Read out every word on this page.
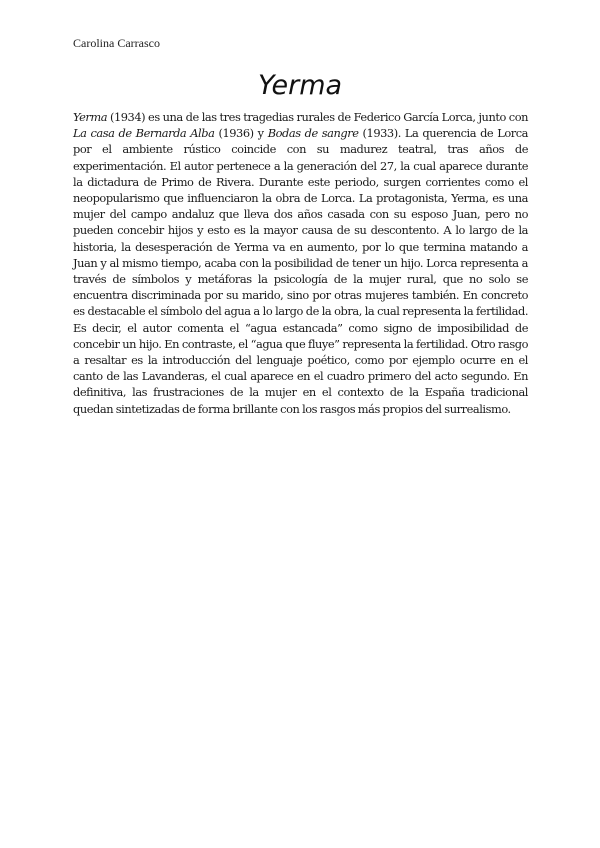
Carolina Carrasco
Yerma

Yerma (1934) es una de las tres tragedias rurales de Federico García Lorca, junto con La casa de Bernarda Alba (1936) y Bodas de sangre (1933). La querencia de Lorca por el ambiente rústico coincide con su madurez teatral, tras años de experimentación. El autor pertenece a la generación del 27, la cual aparece durante la dictadura de Primo de Rivera. Durante este periodo, surgen corrientes como el neopopularismo que influenciaron la obra de Lorca. La protagonista, Yerma, es una mujer del campo andaluz que lleva dos años casada con su esposo Juan, pero no pueden concebir hijos y esto es la mayor causa de su descontento. A lo largo de la historia, la desesperación de Yerma va en aumento, por lo que termina matando a Juan y al mismo tiempo, acaba con la posibilidad de tener un hijo. Lorca representa a través de símbolos y metáforas la psicología de la mujer rural, que no solo se encuentra discriminada por su marido, sino por otras mujeres también. En concreto es destacable el símbolo del agua a lo largo de la obra, la cual representa la fertilidad. Es decir, el autor comenta el “agua estancada” como signo de imposibilidad de concebir un hijo. En contraste, el “agua que fluye” representa la fertilidad. Otro rasgo a resaltar es la introducción del lenguaje poético, como por ejemplo ocurre en el canto de las Lavanderas, el cual aparece en el cuadro primero del acto segundo. En definitiva, las frustraciones de la mujer en el contexto de la España tradicional quedan sintetizadas de forma brillante con los rasgos más propios del surrealismo.
